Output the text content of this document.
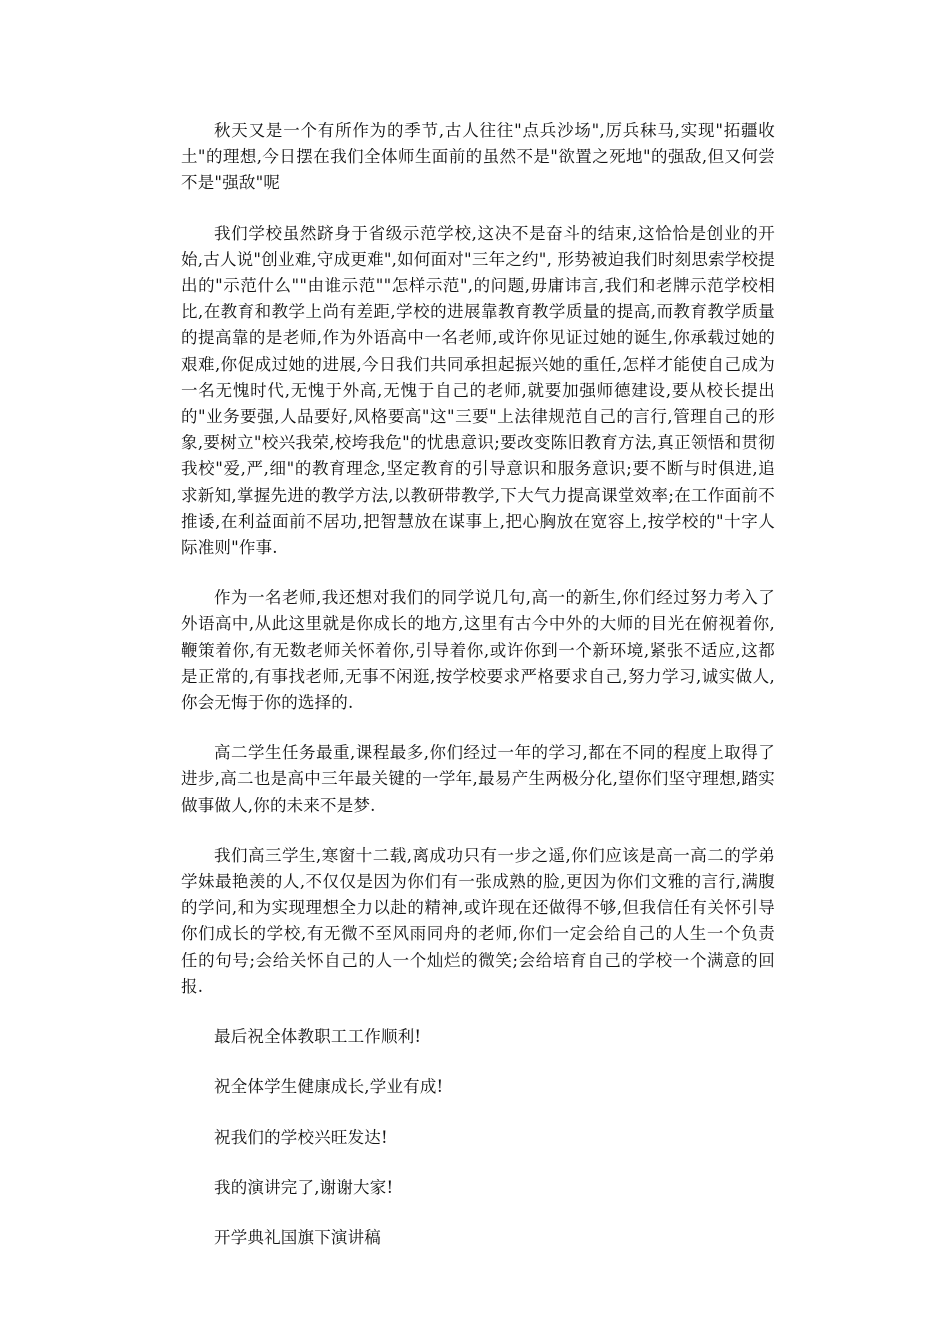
秋天又是一个有所作为的季节,古人往往"点兵沙场",厉兵秣马,实现"拓疆收土"的理想,今日摆在我们全体师生面前的虽然不是"欲置之死地"的强敌,但又何尝不是"强敌"呢

我们学校虽然跻身于省级示范学校,这决不是奋斗的结束,这恰恰是创业的开始,古人说"创业难,守成更难",如何面对"三年之约", 形势被迫我们时刻思索学校提出的"示范什么""由谁示范""怎样示范",的问题,毋庸讳言,我们和老牌示范学校相比,在教育和教学上尚有差距,学校的进展靠教育教学质量的提高,而教育教学质量的提高靠的是老师,作为外语高中一名老师,或许你见证过她的诞生,你承载过她的艰难,你促成过她的进展,今日我们共同承担起振兴她的重任,怎样才能使自己成为一名无愧时代,无愧于外高,无愧于自己的老师,就要加强师德建设,要从校长提出的"业务要强,人品要好,风格要高"这"三要"上法律规范自己的言行,管理自己的形象,要树立"校兴我荣,校垮我危"的忧患意识;要改变陈旧教育方法,真正领悟和贯彻我校"爱,严,细"的教育理念,坚定教育的引导意识和服务意识;要不断与时俱进,追求新知,掌握先进的教学方法,以教研带教学,下大气力提高课堂效率;在工作面前不推诿,在利益面前不居功,把智慧放在谋事上,把心胸放在宽容上,按学校的"十字人际准则"作事.

作为一名老师,我还想对我们的同学说几句,高一的新生,你们经过努力考入了外语高中,从此这里就是你成长的地方,这里有古今中外的大师的目光在俯视着你,鞭策着你,有无数老师关怀着你,引导着你,或许你到一个新环境,紧张不适应,这都是正常的,有事找老师,无事不闲逛,按学校要求严格要求自己,努力学习,诚实做人,你会无悔于你的选择的.

高二学生任务最重,课程最多,你们经过一年的学习,都在不同的程度上取得了进步,高二也是高中三年最关键的一学年,最易产生两极分化,望你们坚守理想,踏实做事做人,你的未来不是梦.

我们高三学生,寒窗十二载,离成功只有一步之遥,你们应该是高一高二的学弟学妹最艳羡的人,不仅仅是因为你们有一张成熟的脸,更因为你们文雅的言行,满腹的学问,和为实现理想全力以赴的精神,或许现在还做得不够,但我信任有关怀引导你们成长的学校,有无微不至风雨同舟的老师,你们一定会给自己的人生一个负责任的句号;会给关怀自己的人一个灿烂的微笑;会给培育自己的学校一个满意的回报.

最后祝全体教职工工作顺利!

祝全体学生健康成长,学业有成!

祝我们的学校兴旺发达!

我的演讲完了,谢谢大家!

开学典礼国旗下演讲稿
